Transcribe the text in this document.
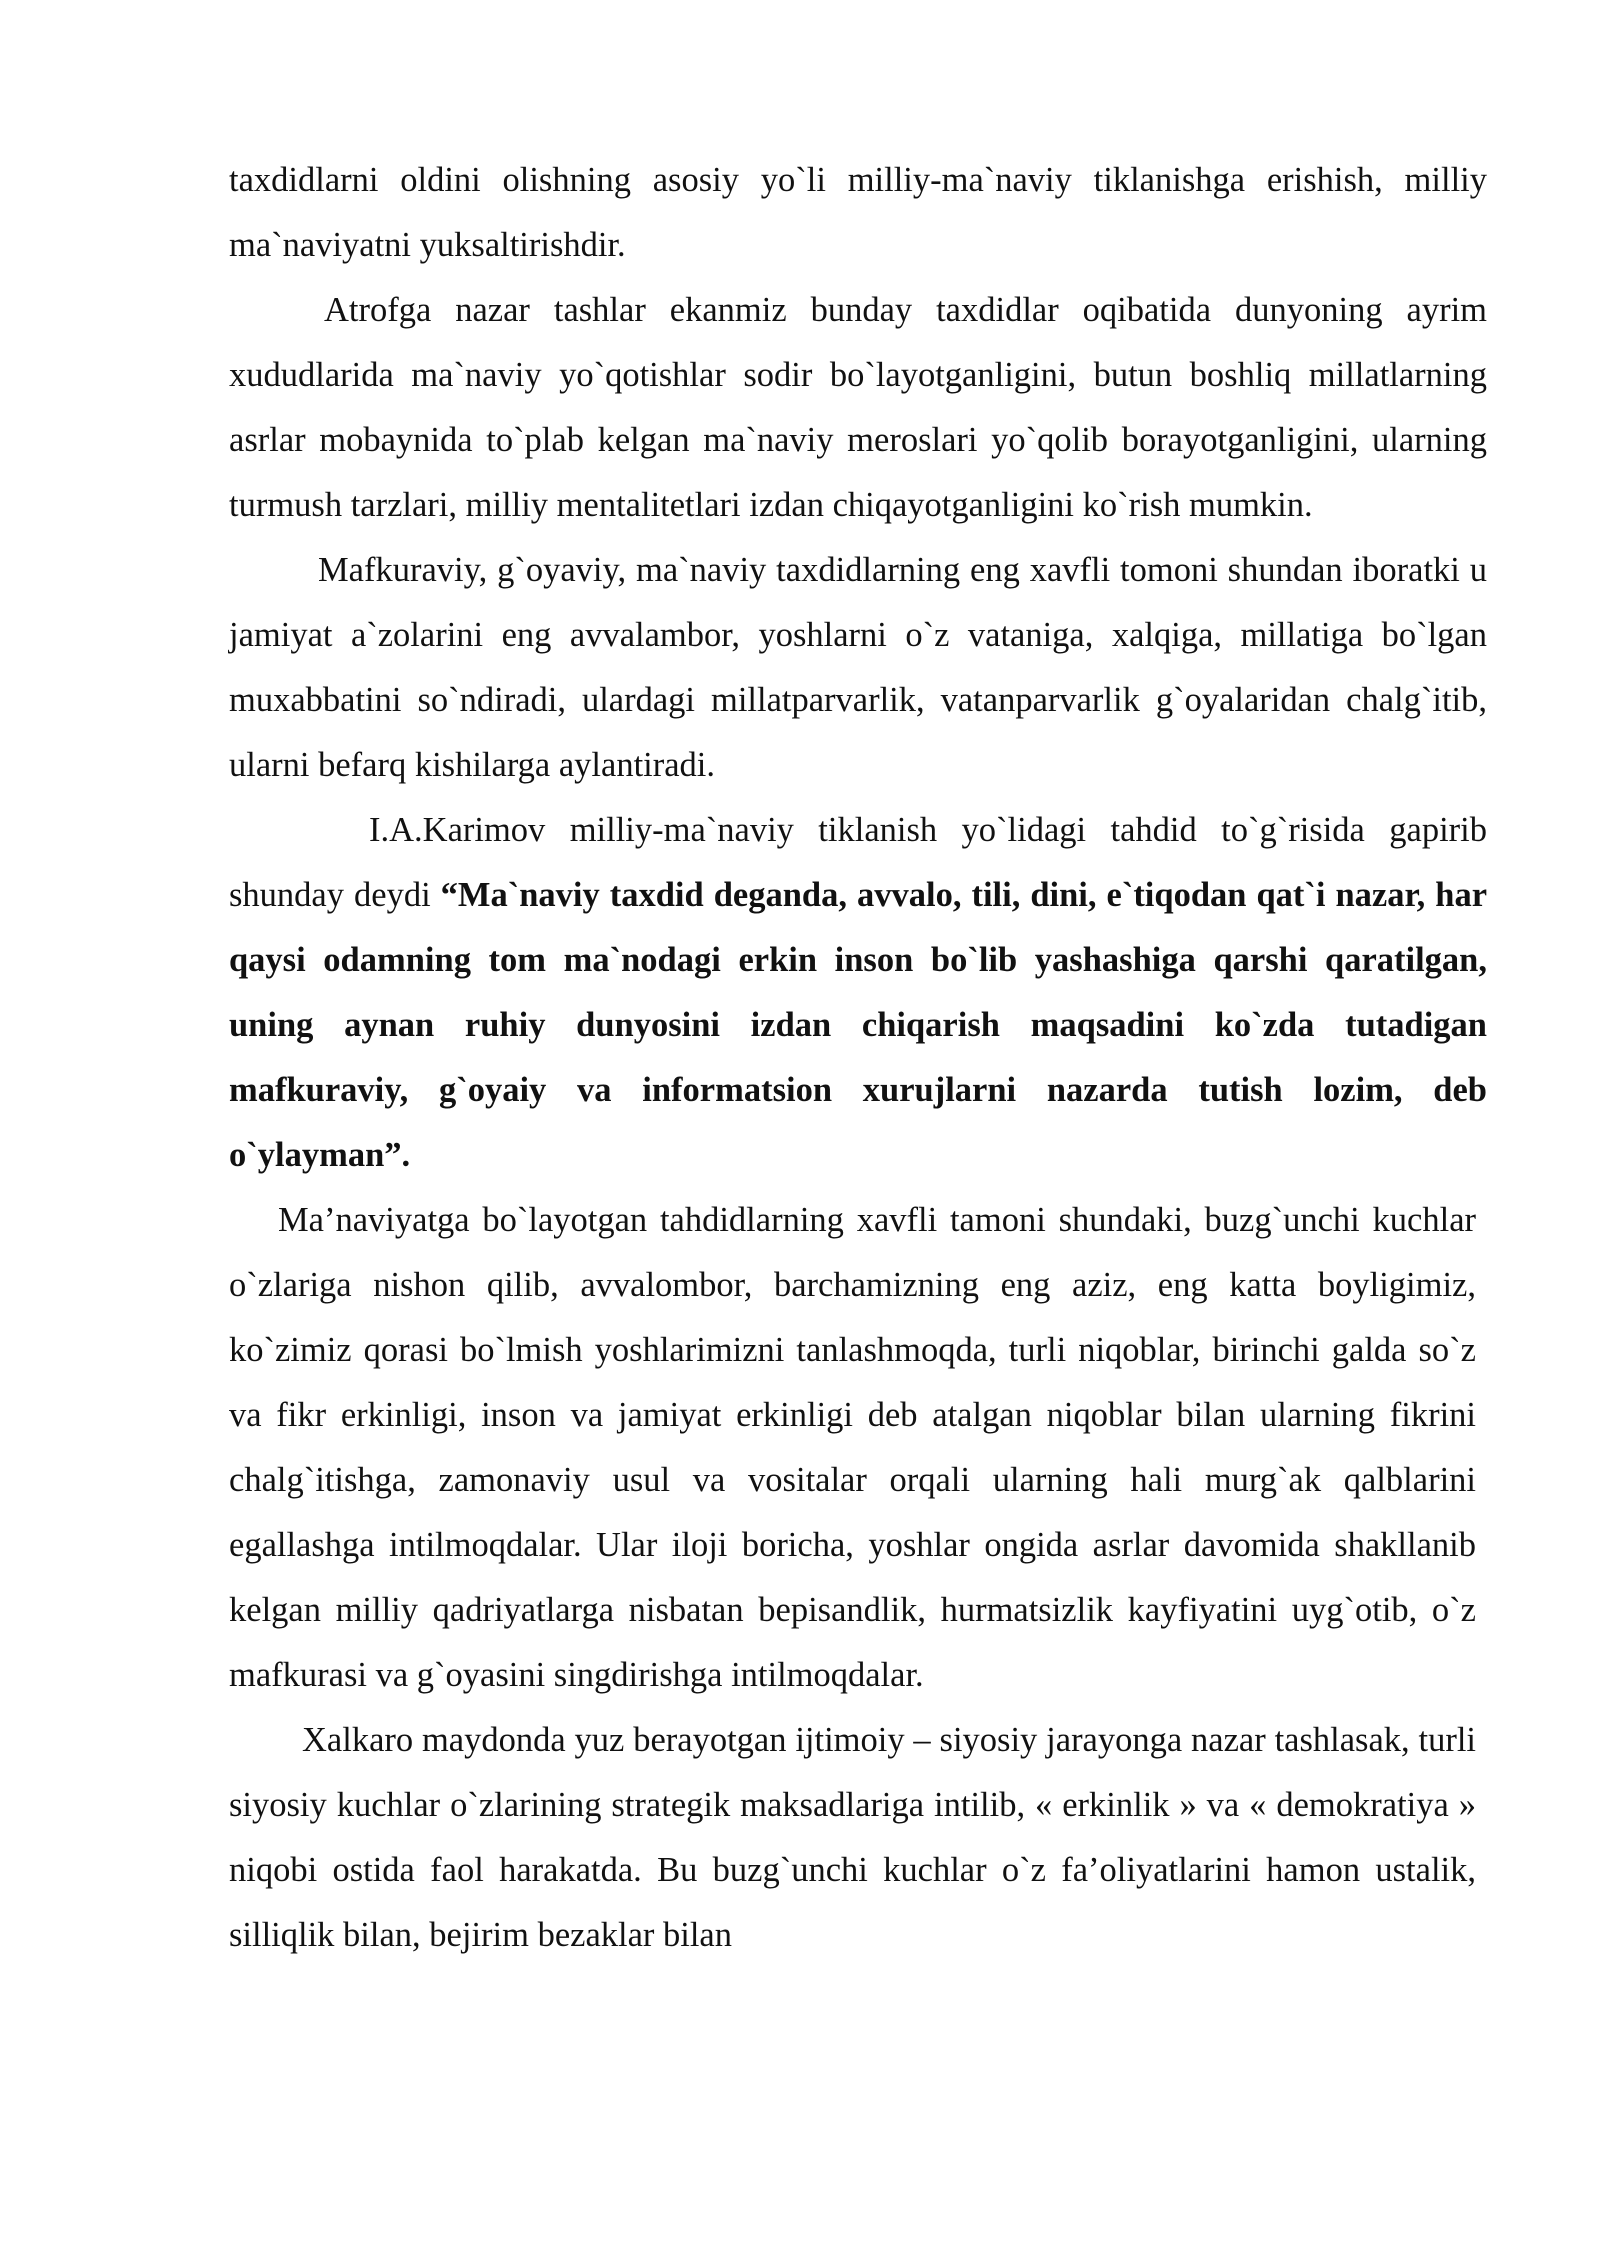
taxdidlarni oldini olishning asosiy yo`li milliy-ma`naviy tiklanishga erishish, milliy ma`naviyatni yuksaltirishdir.

Atrofga nazar tashlar ekanmiz bunday taxdidlar oqibatida dunyoning ayrim xududlarida ma`naviy yo`qotishlar sodir bo`layotganligini, butun boshliq millatlarning asrlar mobaynida to`plab kelgan ma`naviy meroslari yo`qolib borayotganligini, ularning turmush tarzlari, milliy mentalitetlari izdan chiqayotganligini ko`rish mumkin.

Mafkuraviy, g`oyaviy, ma`naviy taxdidlarning eng xavfli tomoni shundan iboratki u jamiyat a`zolarini eng avvalambor, yoshlarni o`z vataniga, xalqiga, millatiga bo`lgan muxabbatini so`ndiradi, ulardagi millatparvarlik, vatanparvarlik g`oyalaridan chalg`itib, ularni befarq kishilarga aylantiradi.

I.A.Karimov milliy-ma`naviy tiklanish yo`lidagi tahdid to`g`risida gapirib shunday deydi “Ma`naviy taxdid deganda, avvalo, tili, dini, e`tiqodan qat`i nazar, har qaysi odamning tom ma`nodagi erkin inson bo`lib yashashiga qarshi qaratilgan, uning aynan ruhiy dunyosini izdan chiqarish maqsadini ko`zda tutadigan mafkuraviy, g`oyaiy va informatsion xurujlarni nazarda tutish lozim, deb o`ylayman”.

Ma’naviyatga bo`layotgan tahdidlarning xavfli tamoni shundaki, buzg`unchi kuchlar o`zlariga nishon qilib, avvalombor, barchamizning eng aziz, eng katta boyligimiz, ko`zimiz qorasi bo`lmish yoshlarimizni tanlashmoqda, turli niqoblar, birinchi galda so`z va fikr erkinligi, inson va jamiyat erkinligi deb atalgan niqoblar bilan ularning fikrini chalg`itishga, zamonaviy usul va vositalar orqali ularning hali murg`ak qalblarini egallashga intilmoqdalar. Ular iloji boricha, yoshlar ongida asrlar davomida shakllanib kelgan milliy qadriyatlarga nisbatan bepisandlik, hurmatsizlik kayfiyatini uyg`otib, o`z mafkurasi va g`oyasini singdirishga intilmoqdalar.

Xalkaro maydonda yuz berayotgan ijtimoiy – siyosiy jarayonga nazar tashlasak, turli siyosiy kuchlar o`zlarining strategik maksadlariga intilib, « erkinlik » va « demokratiya » niqobi ostida faol harakatda. Bu buzg`unchi kuchlar o`z fa’oliyatlarini hamon ustalik, silliqlik bilan, bejirim bezaklar bilan
